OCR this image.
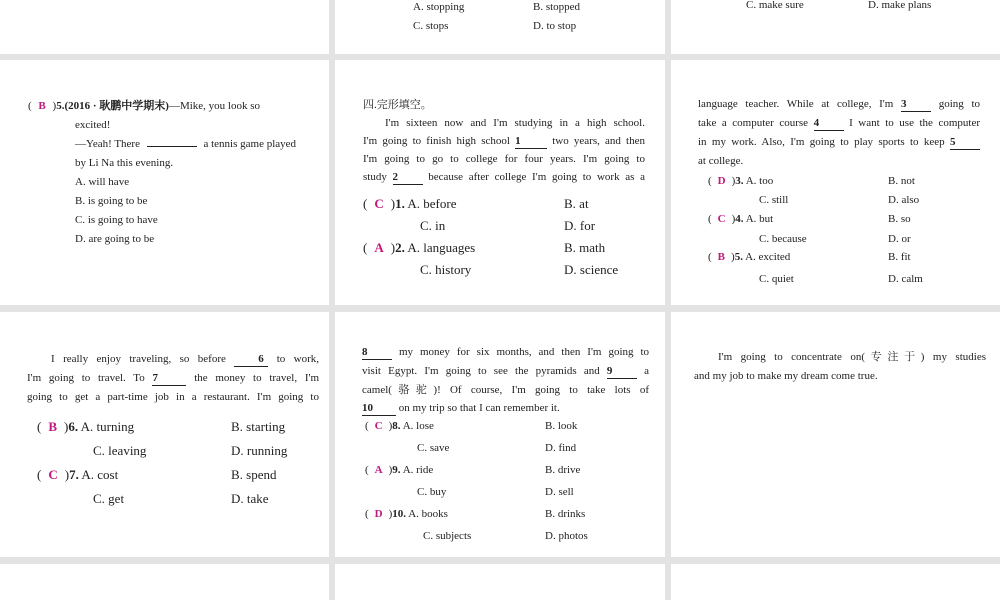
A. stopping	B. stopped
C. stops	D. to stop
C. make sure	D. make plans
( B )5.(2016 · 耿鹏中学期末)—Mike, you look so
excited!
—Yeah! There	a tennis game played
by Li Na this evening.
A. will have
B. is going to be
C. is going to have
D. are going to be
四.完形填空。
I'm sixteen now and I'm studying in a high school.
I'm going to finish high school 1	two years, and then
I'm going to go to college for four years. I'm going to
study 2	because after college I'm going to work as a
( C )1. A. before	B. at
C. in	D. for
( A )2. A. languages	B. math
C. history	D. science
language teacher. While at college, I'm 3	going to
take a computer course 4	I want to use the computer
in my work. Also, I'm going to play sports to keep 5
at college.
( D )3. A. too	B. not
C. still	D. also
( C )4. A. but	B. so
C. because	D. or
( B )5. A. excited	B. fit
C. quiet	D. calm
I really enjoy traveling, so before	6 to work,
I'm going to travel. To 7	the money to travel, I'm
going to get a part-time job in a restaurant. I'm going to
( B )6. A. turning	B. starting
C. leaving	D. running
( C )7. A. cost	B. spend
C. get	D. take
8	my money for six months, and then I'm going to
visit Egypt. I'm going to see the pyramids and 9	a
camel(骆驼)! Of course, I'm going to take lots of
10 on my trip so that I can remember it.
( C )8. A. lose	B. look
C. save	D. find
( A )9. A. ride	B. drive
C. buy	D. sell
( D )10. A. books	B. drinks
C. subjects	D. photos
I'm going to concentrate on(专注于) my studies
and my job to make my dream come true.
